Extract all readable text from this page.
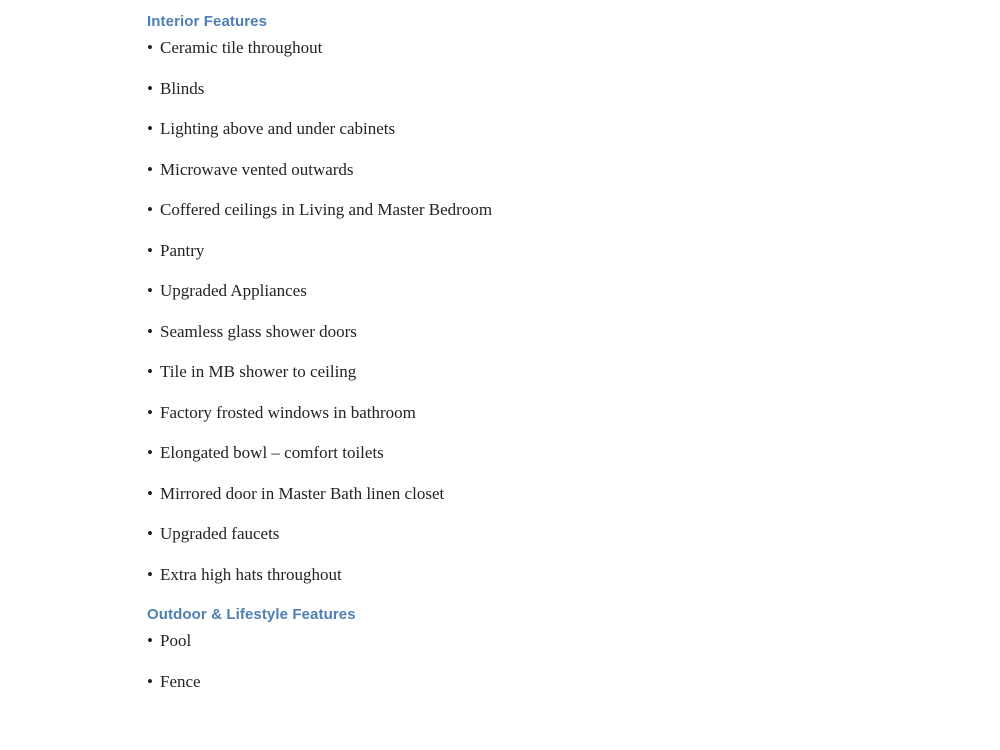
Interior Features
• Ceramic tile throughout
• Blinds
• Lighting above and under cabinets
• Microwave vented outwards
• Coffered ceilings in Living and Master Bedroom
• Pantry
• Upgraded Appliances
• Seamless glass shower doors
• Tile in MB shower to ceiling
• Factory frosted windows in bathroom
• Elongated bowl – comfort toilets
• Mirrored door in Master Bath linen closet
• Upgraded faucets
• Extra high hats throughout
Outdoor & Lifestyle Features
• Pool
• Fence
